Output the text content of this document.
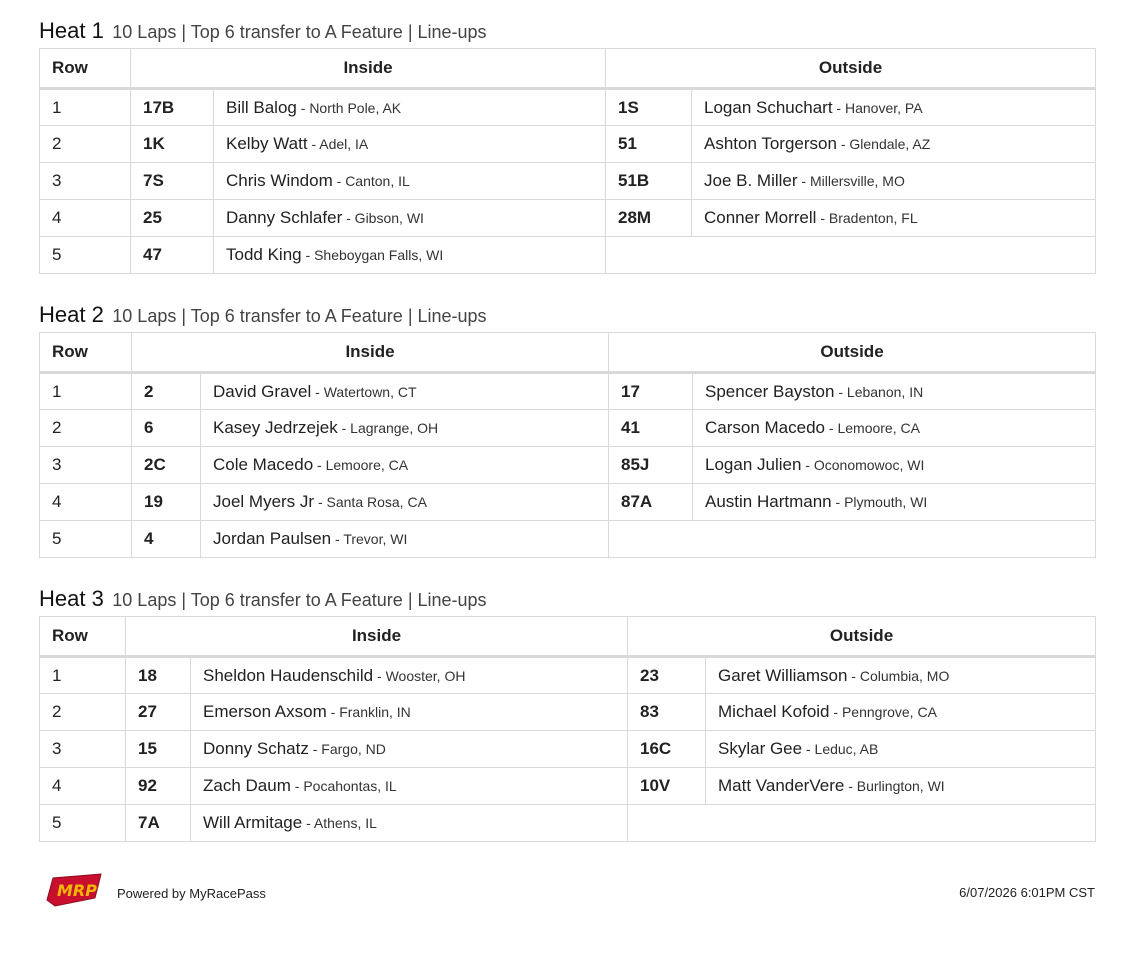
Heat 1 10 Laps | Top 6 transfer to A Feature | Line-ups
Row	Inside		Outside	
1	17B	Bill Balog - North Pole, AK	1S	Logan Schuchart - Hanover, PA
2	1K	Kelby Watt - Adel, IA	51	Ashton Torgerson - Glendale, AZ
3	7S	Chris Windom - Canton, IL	51B	Joe B. Miller - Millersville, MO
4	25	Danny Schlafer - Gibson, WI	28M	Conner Morrell - Bradenton, FL
5	47	Todd King - Sheboygan Falls, WI		
Heat 2 10 Laps | Top 6 transfer to A Feature | Line-ups
Row	Inside		Outside	
1	2	David Gravel - Watertown, CT	17	Spencer Bayston - Lebanon, IN
2	6	Kasey Jedrzejek - Lagrange, OH	41	Carson Macedo - Lemoore, CA
3	2C	Cole Macedo - Lemoore, CA	85J	Logan Julien - Oconomowoc, WI
4	19	Joel Myers Jr - Santa Rosa, CA	87A	Austin Hartmann - Plymouth, WI
5	4	Jordan Paulsen - Trevor, WI		
Heat 3 10 Laps | Top 6 transfer to A Feature | Line-ups
Row	Inside		Outside	
1	18	Sheldon Haudenschild - Wooster, OH	23	Garet Williamson - Columbia, MO
2	27	Emerson Axsom - Franklin, IN	83	Michael Kofoid - Penngrove, CA
3	15	Donny Schatz - Fargo, ND	16C	Skylar Gee - Leduc, AB
4	92	Zach Daum - Pocahontas, IL	10V	Matt VanderVere - Burlington, WI
5	7A	Will Armitage - Athens, IL		
MRP Powered by MyRacePass	6/07/2026 6:01PM CST
